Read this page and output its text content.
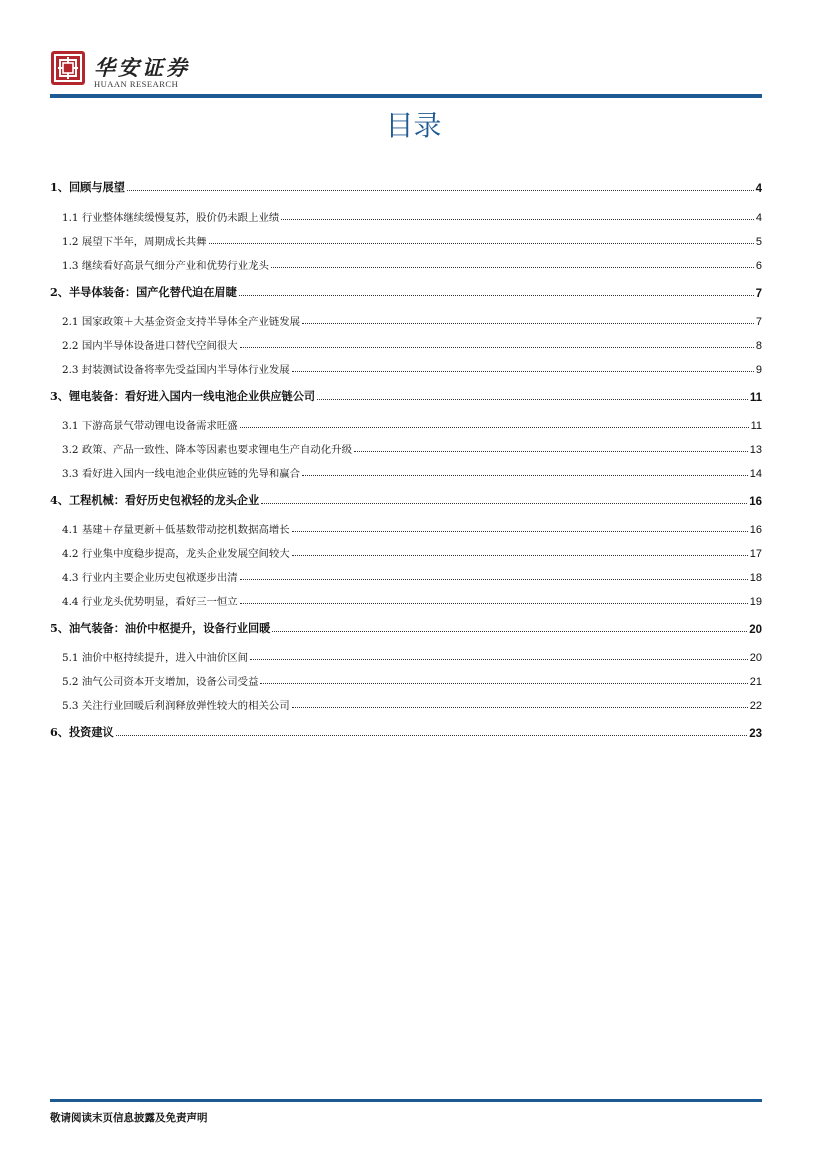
华安证券
HUAAN RESEARCH
目录
1、回顾与展望	4
1.1 行业整体继续缓慢复苏，股价仍未跟上业绩	4
1.2 展望下半年，周期成长共舞	5
1.3 继续看好高景气细分产业和优势行业龙头	6
2、半导体装备：国产化替代迫在眉睫	7
2.1 国家政策＋大基金资金支持半导体全产业链发展	7
2.2 国内半导体设备进口替代空间很大	8
2.3 封装测试设备将率先受益国内半导体行业发展	9
3、锂电装备：看好进入国内一线电池企业供应链公司	11
3.1 下游高景气带动锂电设备需求旺盛	11
3.2 政策、产品一致性、降本等因素也要求锂电生产自动化升级	13
3.3 看好进入国内一线电池企业供应链的先导和赢合	14
4、工程机械：看好历史包袱轻的龙头企业	16
4.1 基建＋存量更新＋低基数带动挖机数据高增长	16
4.2 行业集中度稳步提高，龙头企业发展空间较大	17
4.3 行业内主要企业历史包袱逐步出清	18
4.4 行业龙头优势明显，看好三一恒立	19
5、油气装备：油价中枢提升，设备行业回暖	20
5.1 油价中枢持续提升，进入中油价区间	20
5.2 油气公司资本开支增加，设备公司受益	21
5.3 关注行业回暖后利润释放弹性较大的相关公司	22
6、投资建议	23
敬请阅读末页信息披露及免责声明
